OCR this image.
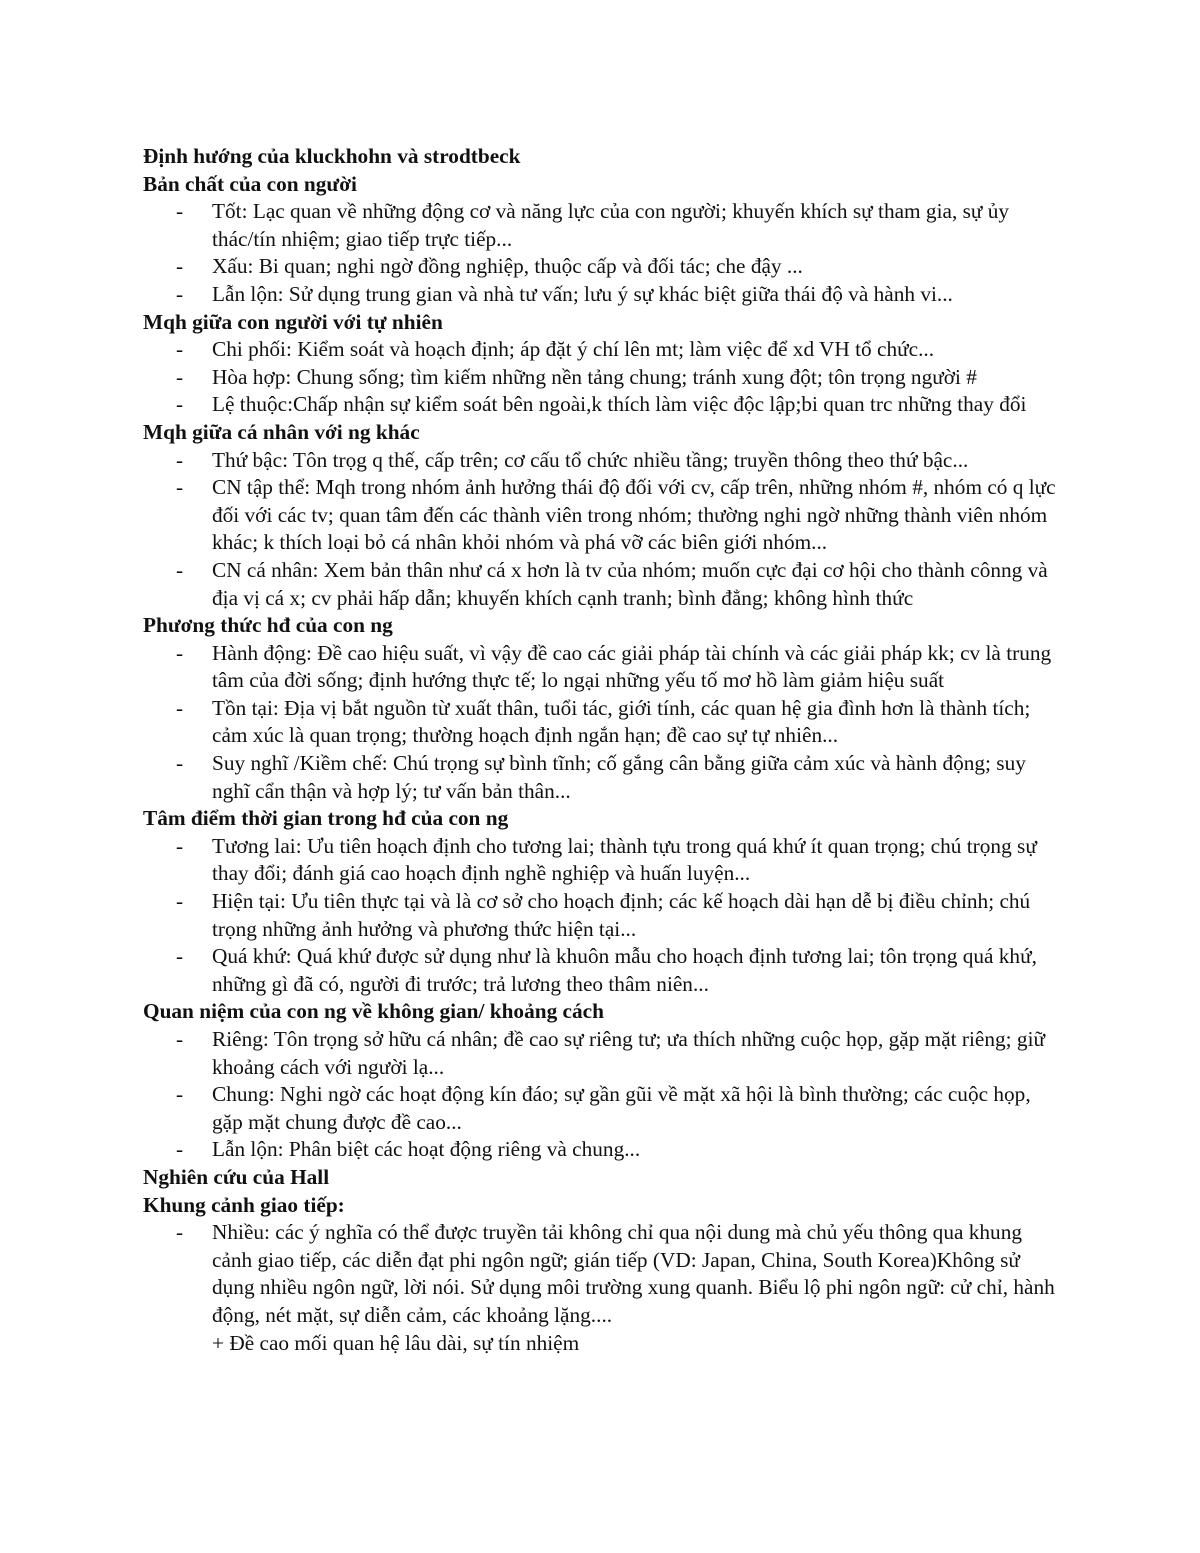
Định hướng của kluckhohn và strodtbeck
Bản chất của con người
- Tốt: Lạc quan về những động cơ và năng lực của con người; khuyến khích sự tham gia, sự ủy thác/tín nhiệm; giao tiếp trực tiếp...
- Xấu: Bi quan; nghi ngờ đồng nghiệp, thuộc cấp và đối tác; che đậy ...
- Lẫn lộn: Sử dụng trung gian và nhà tư vấn; lưu ý sự khác biệt giữa thái độ và hành vi...
Mqh giữa con người với tự nhiên
- Chi phối: Kiểm soát và hoạch định; áp đặt ý chí lên mt; làm việc để xd VH tổ chức...
- Hòa hợp: Chung sống; tìm kiếm những nền tảng chung; tránh xung đột; tôn trọng người #
- Lệ thuộc:Chấp nhận sự kiểm soát bên ngoài,k thích làm việc độc lập;bi quan trc những thay đổi
Mqh giữa cá nhân với ng khác
- Thứ bậc: Tôn trọg q thế, cấp trên; cơ cấu tổ chức nhiều tầng; truyền thông theo thứ bậc...
- CN tập thể: Mqh trong nhóm ảnh hưởng thái độ đối với cv, cấp trên, những nhóm #, nhóm có q lực đối với các tv; quan tâm đến các thành viên trong nhóm; thường nghi ngờ những thành viên nhóm khác; k thích loại bỏ cá nhân khỏi nhóm và phá vỡ các biên giới nhóm...
- CN cá nhân: Xem bản thân như cá x hơn là tv của nhóm; muốn cực đại cơ hội cho thành cônng và địa vị cá x; cv phải hấp dẫn; khuyến khích cạnh tranh; bình đẳng; không hình thức
Phương thức hđ của con ng
- Hành động: Đề cao hiệu suất, vì vậy đề cao các giải pháp tài chính và các giải pháp kk; cv là trung tâm của đời sống; định hướng thực tế; lo ngại những yếu tố mơ hồ làm giảm hiệu suất
- Tồn tại: Địa vị bắt nguồn từ xuất thân, tuổi tác, giới tính, các quan hệ gia đình hơn là thành tích; cảm xúc là quan trọng; thường hoạch định ngắn hạn; đề cao sự tự nhiên...
- Suy nghĩ /Kiềm chế: Chú trọng sự bình tĩnh; cố gắng cân bằng giữa cảm xúc và hành động; suy nghĩ cẩn thận và hợp lý; tư vấn bản thân...
Tâm điểm thời gian trong hđ của con ng
- Tương lai: Ưu tiên hoạch định cho tương lai; thành tựu trong quá khứ ít quan trọng; chú trọng sự thay đổi; đánh giá cao hoạch định nghề nghiệp và huấn luyện...
- Hiện tại: Ưu tiên thực tại và là cơ sở cho hoạch định; các kế hoạch dài hạn dễ bị điều chỉnh; chú trọng những ảnh hưởng và phương thức hiện tại...
- Quá khứ: Quá khứ được sử dụng như là khuôn mẫu cho hoạch định tương lai; tôn trọng quá khứ, những gì đã có, người đi trước; trả lương theo thâm niên...
Quan niệm của con ng về không gian/ khoảng cách
- Riêng: Tôn trọng sở hữu cá nhân; đề cao sự riêng tư; ưa thích những cuộc họp, gặp mặt riêng; giữ khoảng cách với người lạ...
- Chung: Nghi ngờ các hoạt động kín đáo; sự gần gũi về mặt xã hội là bình thường; các cuộc họp, gặp mặt chung được đề cao...
- Lẫn lộn: Phân biệt các hoạt động riêng và chung...
Nghiên cứu của Hall
Khung cảnh giao tiếp:
- Nhiều: các ý nghĩa có thể được truyền tải không chỉ qua nội dung mà chủ yếu thông qua khung cảnh giao tiếp, các diễn đạt phi ngôn ngữ; gián tiếp (VD: Japan, China, South Korea)Không sử dụng nhiều ngôn ngữ, lời nói. Sử dụng môi trường xung quanh. Biểu lộ phi ngôn ngữ: cử chỉ, hành động, nét mặt, sự diễn cảm, các khoảng lặng....
+ Đề cao mối quan hệ lâu dài, sự tín nhiệm
